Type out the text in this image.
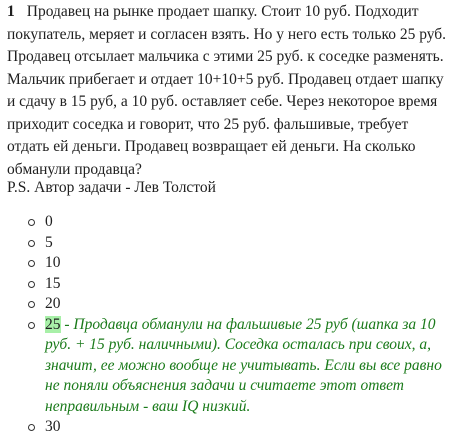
1 Продавец на рынке продает шапку. Стоит 10 руб. Подходит покупатель, меряет и согласен взять. Но у него есть только 25 руб. Продавец отсылает мальчика с этими 25 руб. к соседке разменять. Мальчик прибегает и отдает 10+10+5 руб. Продавец отдает шапку и сдачу в 15 руб, а 10 руб. оставляет себе. Через некоторое время приходит соседка и говорит, что 25 руб. фальшивые, требует отдать ей деньги. Продавец возвращает ей деньги. На сколько обманули продавца?

P.S. Автор задачи - Лев Толстой

0
5
10
15
20
25 - Продавца обманули на фальшивые 25 руб (шапка за 10 руб. + 15 руб. наличными). Соседка осталась при своих, а, значит, ее можно вообще не учитывать. Если вы все равно не поняли объяснения задачи и считаете этот ответ неправильным - ваш IQ низкий.
30
